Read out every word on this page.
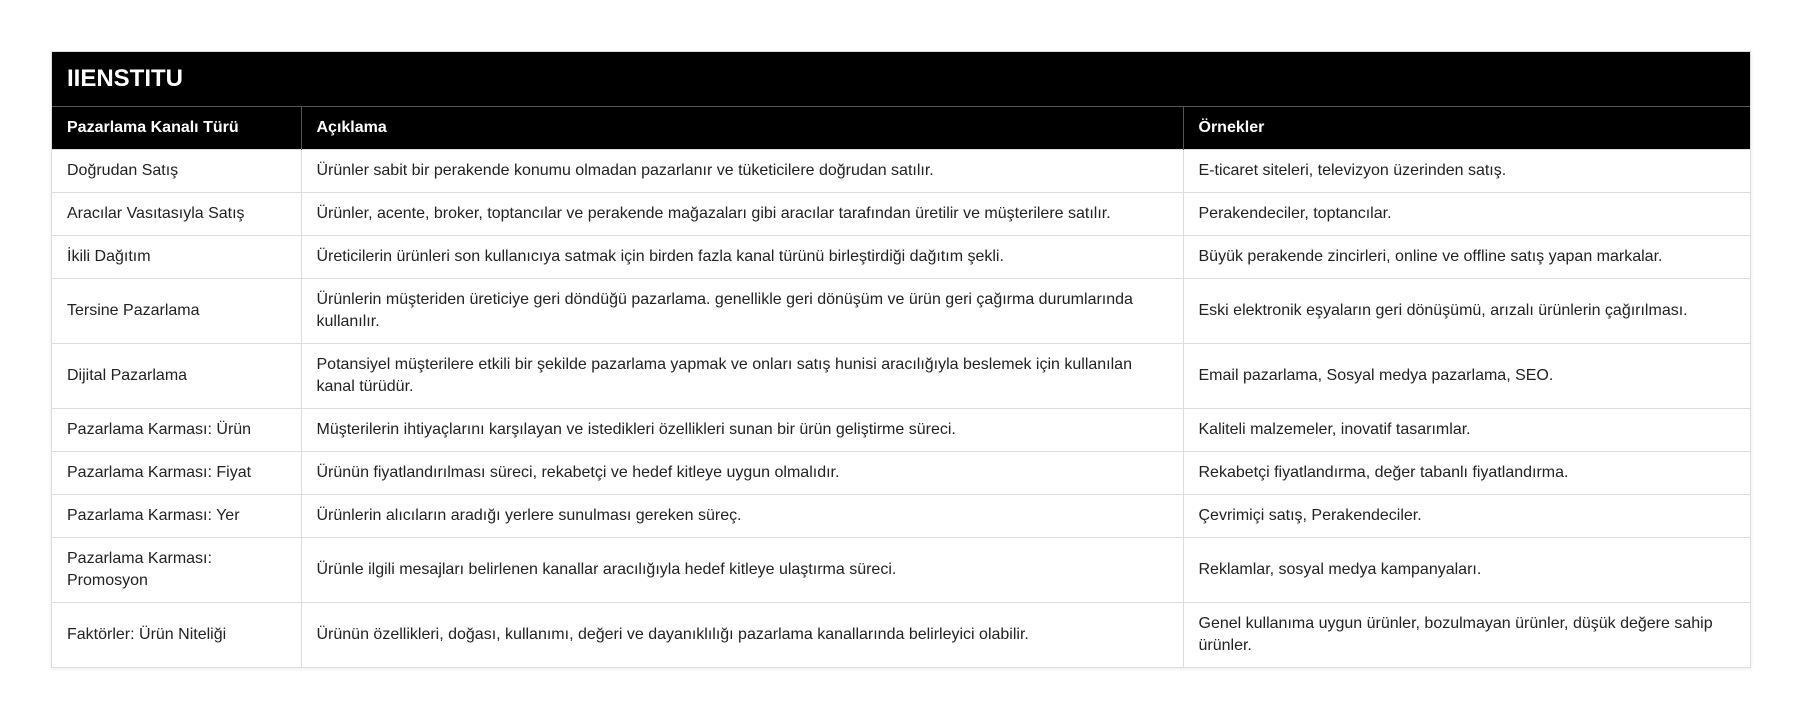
IIENSTITU
Pazarlama Kanalı Türü	Açıklama	Örnekler
Doğrudan Satış	Ürünler sabit bir perakende konumu olmadan pazarlanır ve tüketicilere doğrudan satılır.	E-ticaret siteleri, televizyon üzerinden satış.
Aracılar Vasıtasıyla Satış	Ürünler, acente, broker, toptancılar ve perakende mağazaları gibi aracılar tarafından üretilir ve müşterilere satılır.	Perakendeciler, toptancılar.
İkili Dağıtım	Üreticilerin ürünleri son kullanıcıya satmak için birden fazla kanal türünü birleştirdiği dağıtım şekli.	Büyük perakende zincirleri, online ve offline satış yapan markalar.
Tersine Pazarlama	Ürünlerin müşteriden üreticiye geri döndüğü pazarlama. genellikle geri dönüşüm ve ürün geri çağırma durumlarında kullanılır.	Eski elektronik eşyaların geri dönüşümü, arızalı ürünlerin çağırılması.
Dijital Pazarlama	Potansiyel müşterilere etkili bir şekilde pazarlama yapmak ve onları satış hunisi aracılığıyla beslemek için kullanılan kanal türüdür.	Email pazarlama, Sosyal medya pazarlama, SEO.
Pazarlama Karması: Ürün	Müşterilerin ihtiyaçlarını karşılayan ve istedikleri özellikleri sunan bir ürün geliştirme süreci.	Kaliteli malzemeler, inovatif tasarımlar.
Pazarlama Karması: Fiyat	Ürünün fiyatlandırılması süreci, rekabetçi ve hedef kitleye uygun olmalıdır.	Rekabetçi fiyatlandırma, değer tabanlı fiyatlandırma.
Pazarlama Karması: Yer	Ürünlerin alıcıların aradığı yerlere sunulması gereken süreç.	Çevrimiçi satış, Perakendeciler.
Pazarlama Karması: Promosyon	Ürünle ilgili mesajları belirlenen kanallar aracılığıyla hedef kitleye ulaştırma süreci.	Reklamlar, sosyal medya kampanyaları.
Faktörler: Ürün Niteliği	Ürünün özellikleri, doğası, kullanımı, değeri ve dayanıklılığı pazarlama kanallarında belirleyici olabilir.	Genel kullanıma uygun ürünler, bozulmayan ürünler, düşük değere sahip ürünler.
